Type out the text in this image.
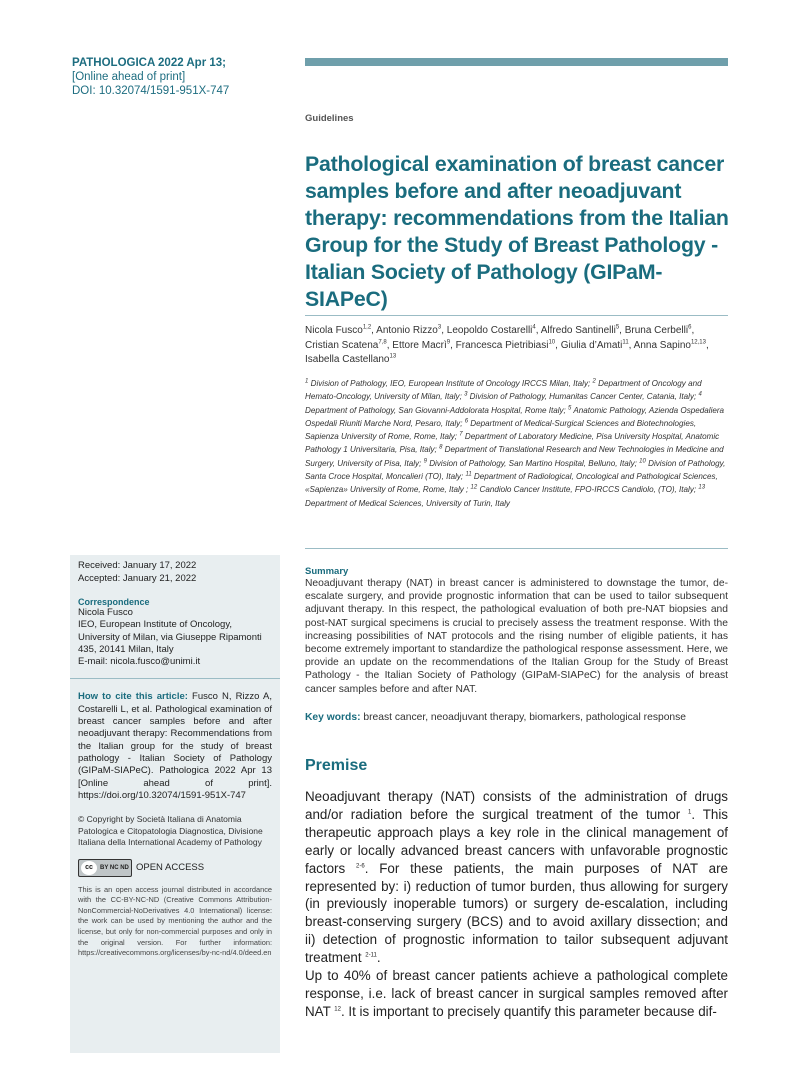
PATHOLOGICA 2022 Apr 13;
[Online ahead of print]
DOI: 10.32074/1591-951X-747
Guidelines
Pathological examination of breast cancer samples before and after neoadjuvant therapy: recommendations from the Italian Group for the Study of Breast Pathology - Italian Society of Pathology (GIPaM-SIAPeC)
Nicola Fusco$^{1,2}$, Antonio Rizzo$^3$, Leopoldo Costarelli$^4$, Alfredo Santinelli$^5$, Bruna Cerbelli$^6$, Cristian Scatena$^{7,8}$, Ettore Macrì$^9$, Francesca Pietribiasi$^{10}$, Giulia d’Amati$^{11}$, Anna Sapino$^{12,13}$, Isabella Castellano$^{13}$
$^1$ Division of Pathology, IEO, European Institute of Oncology IRCCS Milan, Italy; $^2$ Department of Oncology and Hemato-Oncology, University of Milan, Italy; $^3$ Division of Pathology, Humanitas Cancer Center, Catania, Italy; $^4$ Department of Pathology, San Giovanni-Addolorata Hospital, Rome Italy; $^5$ Anatomic Pathology, Azienda Ospedaliera Ospedali Riuniti Marche Nord, Pesaro, Italy; $^6$ Department of Medical-Surgical Sciences and Biotechnologies, Sapienza University of Rome, Rome, Italy; $^7$ Department of Laboratory Medicine, Pisa University Hospital, Anatomic Pathology 1 Universitaria, Pisa, Italy; $^8$ Department of Translational Research and New Technologies in Medicine and Surgery, University of Pisa, Italy; $^9$ Division of Pathology, San Martino Hospital, Belluno, Italy; $^{10}$ Division of Pathology, Santa Croce Hospital, Moncalieri (TO), Italy; $^{11}$ Department of Radiological, Oncological and Pathological Sciences, «Sapienza» University of Rome, Rome, Italy ; $^{12}$ Candiolo Cancer Institute, FPO-IRCCS Candiolo, (TO), Italy; $^{13}$ Department of Medical Sciences, University of Turin, Italy
Received: January 17, 2022
Accepted: January 21, 2022
Correspondence
Nicola Fusco
IEO, European Institute of Oncology, University of Milan, via Giuseppe Ripamonti 435, 20141 Milan, Italy
E-mail: nicola.fusco@unimi.it
How to cite this article: Fusco N, Rizzo A, Costarelli L, et al. Pathological examination of breast cancer samples before and after neoadjuvant therapy: Recommendations from the Italian group for the study of breast pathology - Italian Society of Pathology (GIPaM-SIAPeC). Pathologica 2022 Apr 13 [Online ahead of print]. https://doi.org/10.32074/1591-951X-747
© Copyright by Società Italiana di Anatomia Patologica e Citopatologia Diagnostica, Divisione Italiana della International Academy of Pathology
cc	BY NC ND OPEN ACCESS
This is an open access journal distributed in accordance with the CC-BY-NC-ND (Creative Commons Attribution-NonCommercial-NoDerivatives 4.0 International) license: the work can be used by mentioning the author and the license, but only for non-commercial purposes and only in the original version. For further information: https://creativecommons.org/licenses/by-nc-nd/4.0/deed.en
Summary

Neoadjuvant therapy (NAT) in breast cancer is administered to downstage the tumor, de-escalate surgery, and provide prognostic information that can be used to tailor subsequent adjuvant therapy. In this respect, the pathological evaluation of both pre-NAT biopsies and post-NAT surgical specimens is crucial to precisely assess the treatment response. With the increasing possibilities of NAT protocols and the rising number of eligible patients, it has become extremely important to standardize the pathological response assessment. Here, we provide an update on the recommendations of the Italian Group for the Study of Breast Pathology - the Italian Society of Pathology (GIPaM-SIAPeC) for the analysis of breast cancer samples before and after NAT.

Key words: breast cancer, neoadjuvant therapy, biomarkers, pathological response
Premise

Neoadjuvant therapy (NAT) consists of the administration of drugs and/or radiation before the surgical treatment of the tumor $^1$. This therapeutic approach plays a key role in the clinical management of early or locally advanced breast cancers with unfavorable prognostic factors $^{2-6}$. For these patients, the main purposes of NAT are represented by: i) reduction of tumor burden, thus allowing for surgery (in previously inoperable tumors) or surgery de-escalation, including breast-conserving surgery (BCS) and to avoid axillary dissection; and ii) detection of prognostic information to tailor subsequent adjuvant treatment $^{2-11}$.

Up to 40% of breast cancer patients achieve a pathological complete response, i.e. lack of breast cancer in surgical samples removed after NAT $^{12}$. It is important to precisely quantify this parameter because dif-
